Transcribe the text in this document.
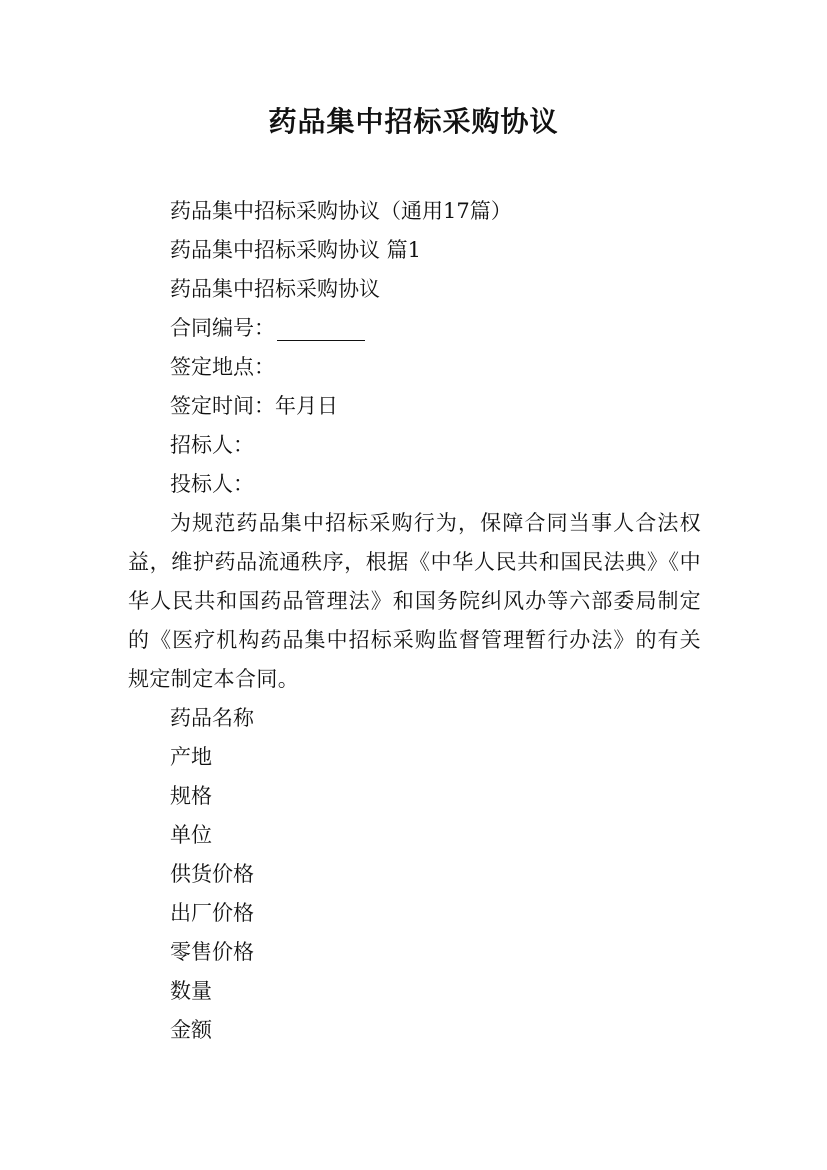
药品集中招标采购协议

药品集中招标采购协议（通用17篇）

药品集中招标采购协议 篇1

药品集中招标采购协议

合同编号：

签定地点：

签定时间：年月日

招标人：

投标人：

为规范药品集中招标采购行为，保障合同当事人合法权益，维护药品流通秩序，根据《中华人民共和国民法典》《中华人民共和国药品管理法》和国务院纠风办等六部委局制定的《医疗机构药品集中招标采购监督管理暂行办法》的有关规定制定本合同。

药品名称

产地

规格

单位

供货价格

出厂价格

零售价格

数量

金额
